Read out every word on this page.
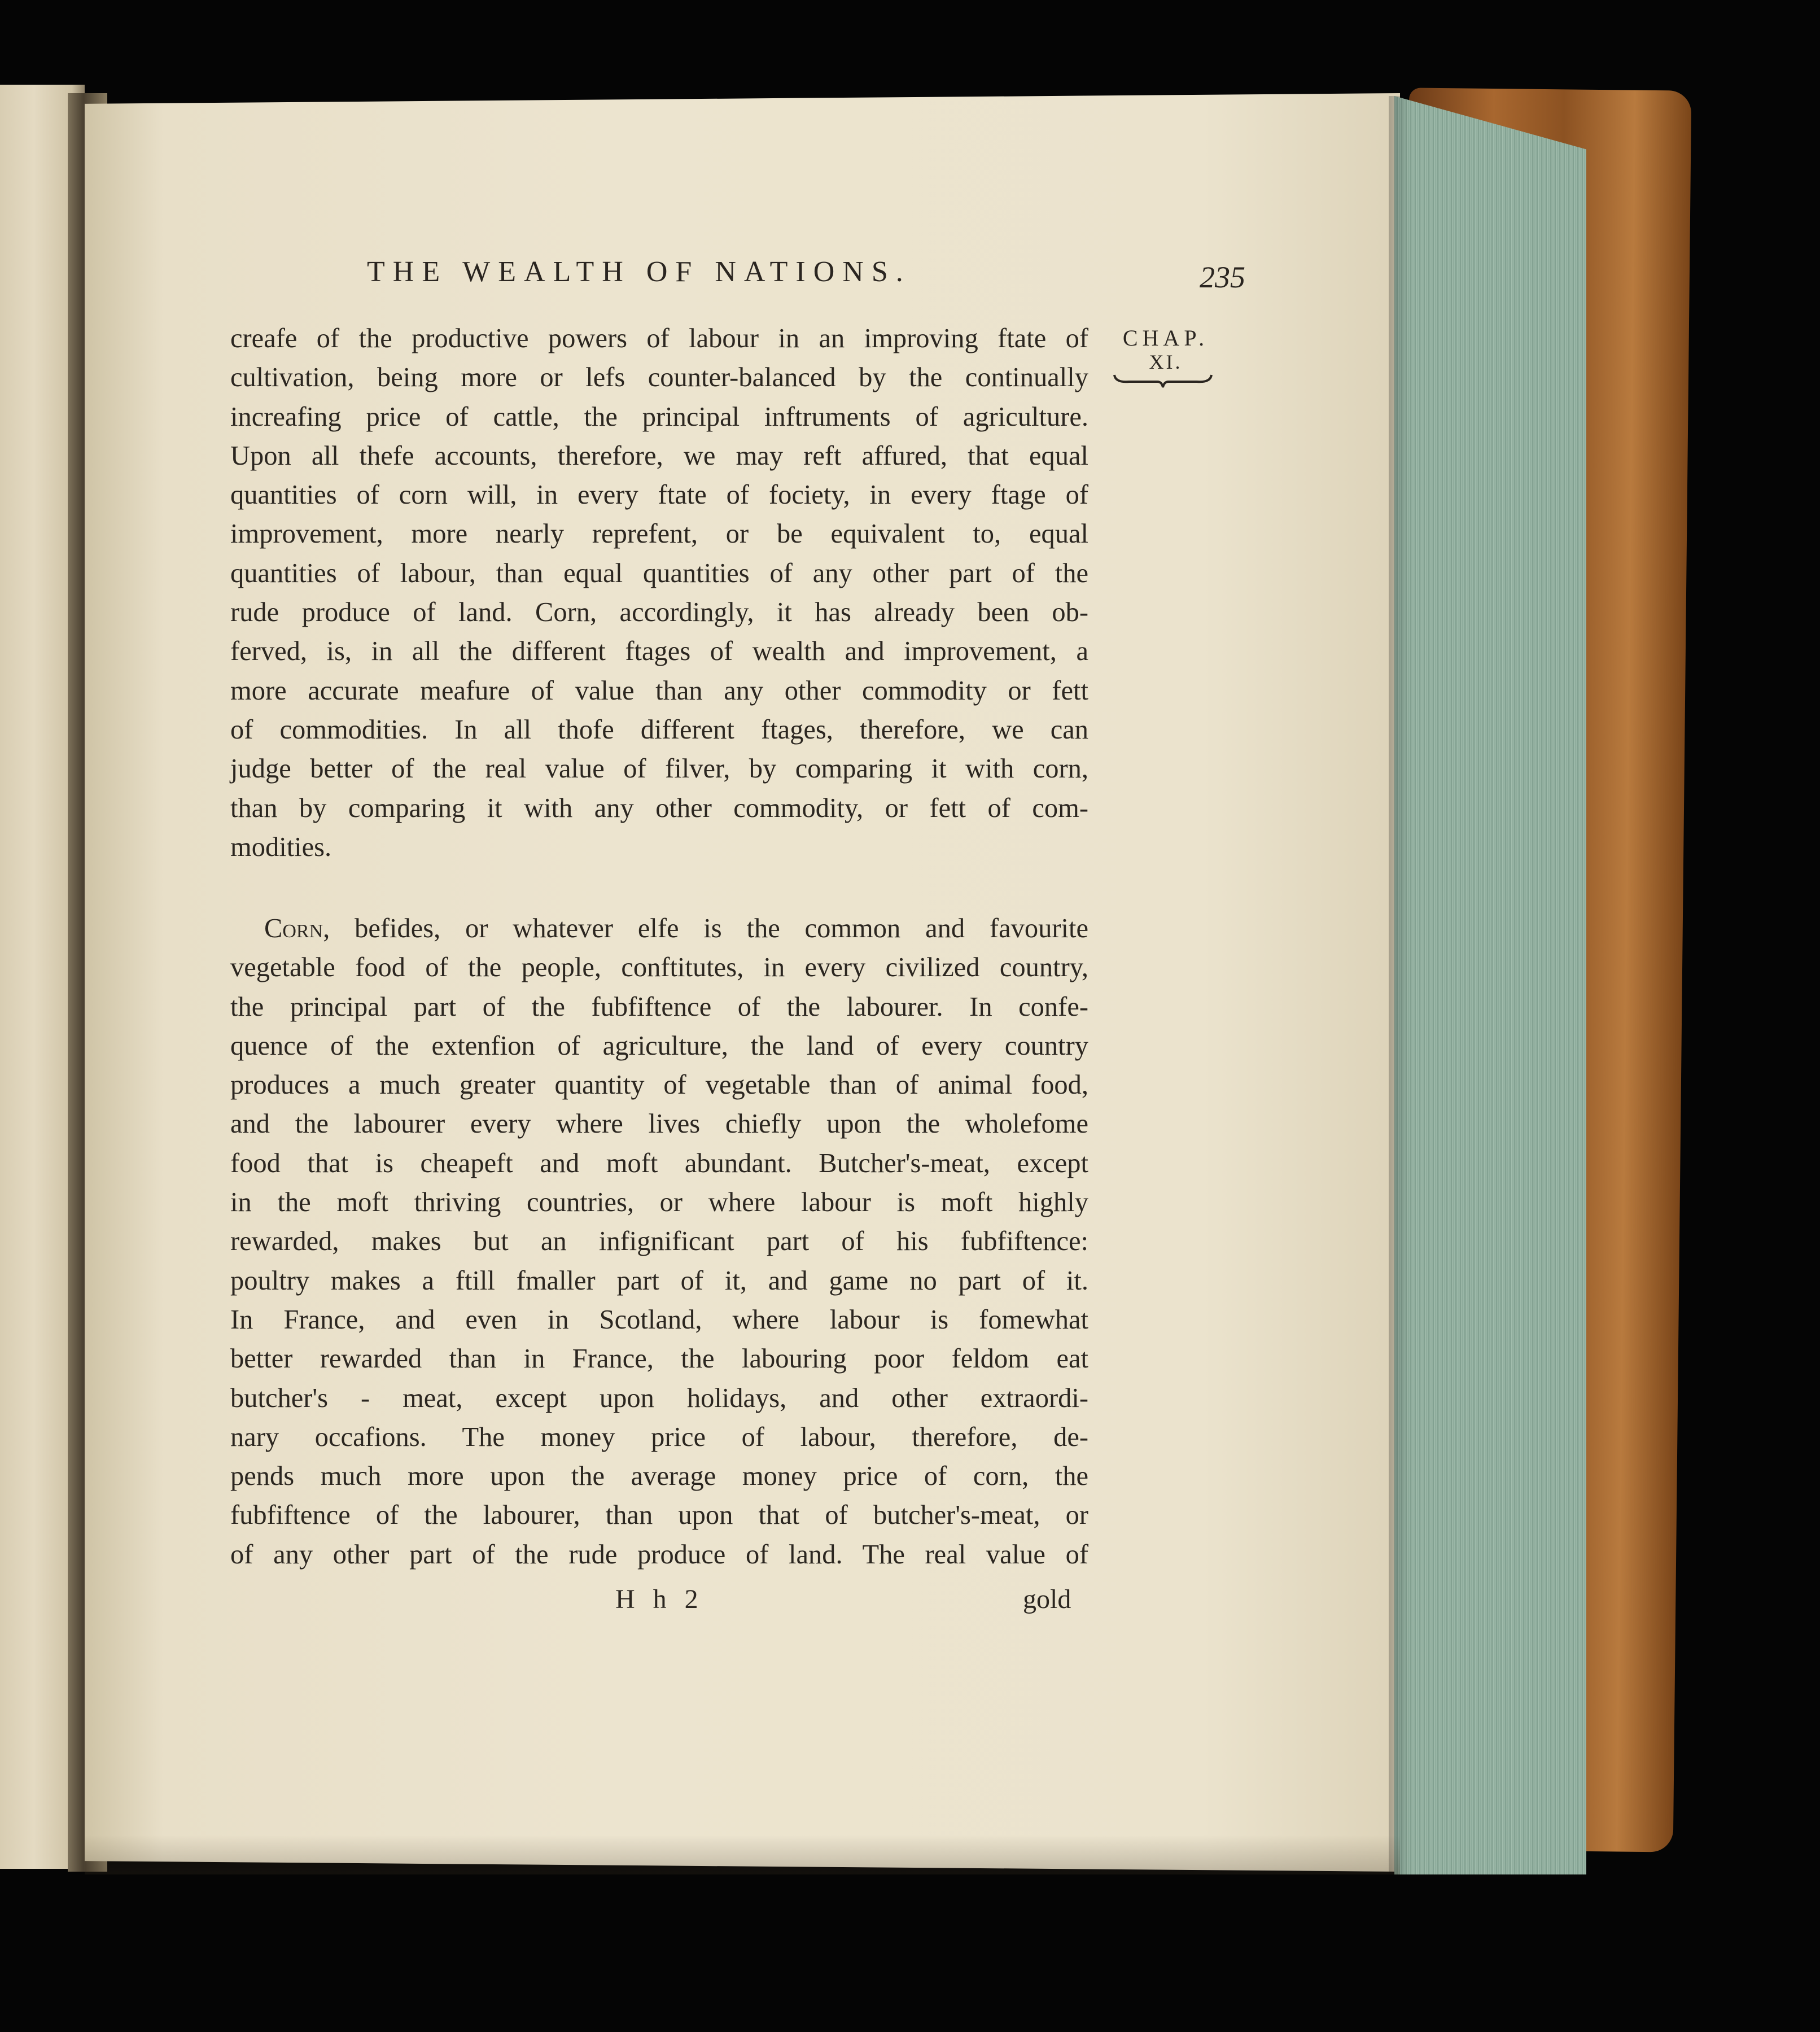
THE WEALTH OF NATIONS.	235
CHAP.
XI.
creafe of the productive powers of labour in an improving ftate of
cultivation, being more or lefs counter-balanced by the continually
increafing price of cattle, the principal inftruments of agriculture.
Upon all thefe accounts, therefore, we may reft affured, that equal
quantities of corn will, in every ftate of fociety, in every ftage of
improvement, more nearly reprefent, or be equivalent to, equal
quantities of labour, than equal quantities of any other part of the
rude produce of land. Corn, accordingly, it has already been ob-
ferved, is, in all the different ftages of wealth and improvement, a
more accurate meafure of value than any other commodity or fett
of commodities. In all thofe different ftages, therefore, we can
judge better of the real value of filver, by comparing it with corn,
than by comparing it with any other commodity, or fett of com-
modities.
Corn, befides, or whatever elfe is the common and favourite
vegetable food of the people, conftitutes, in every civilized country,
the principal part of the fubfiftence of the labourer. In confe-
quence of the extenfion of agriculture, the land of every country
produces a much greater quantity of vegetable than of animal food,
and the labourer every where lives chiefly upon the wholefome
food that is cheapeft and moft abundant. Butcher's-meat, except
in the moft thriving countries, or where labour is moft highly
rewarded, makes but an infignificant part of his fubfiftence:
poultry makes a ftill fmaller part of it, and game no part of it.
In France, and even in Scotland, where labour is fomewhat
better rewarded than in France, the labouring poor feldom eat
butcher's - meat, except upon holidays, and other extraordi-
nary occafions. The money price of labour, therefore, de-
pends much more upon the average money price of corn, the
fubfiftence of the labourer, than upon that of butcher's-meat, or
of any other part of the rude produce of land. The real value of
H h 2	gold
